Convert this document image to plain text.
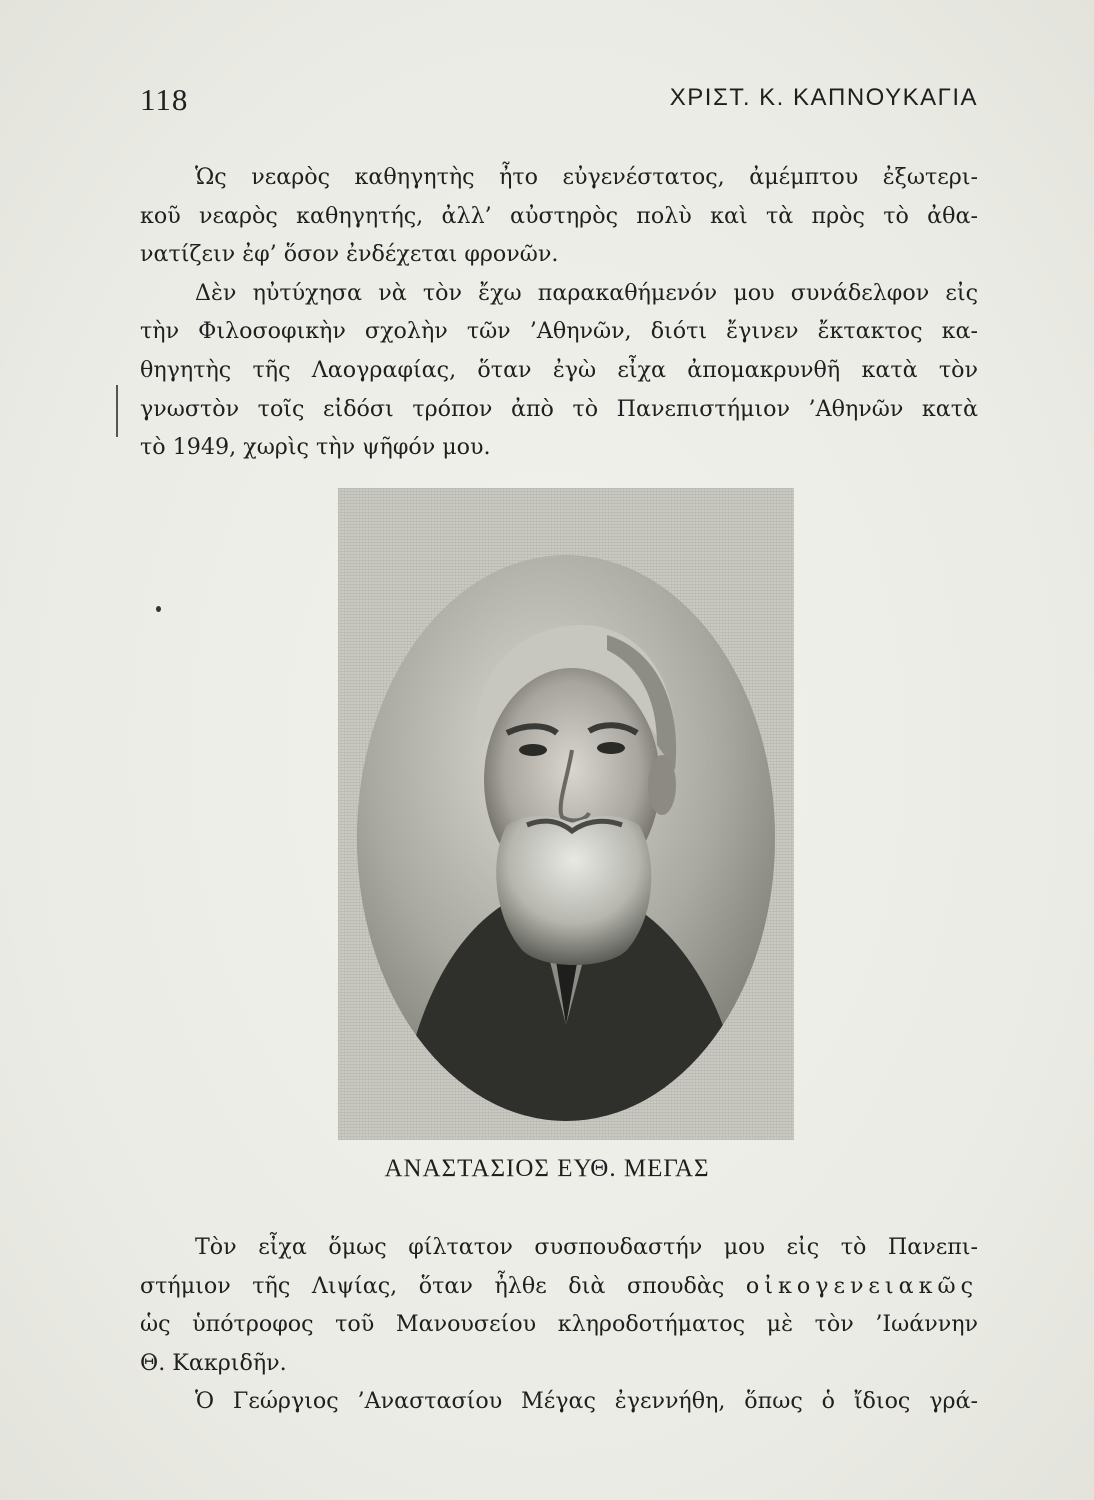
118	ΧΡΙΣΤ. Κ. ΚΑΠΝΟΥΚΑΓΙΑ

Ὡς νεαρὸς καθηγητὴς ἦτο εὐγενέστατος, ἀμέμπτου ἐξωτερι-
κοῦ νεαρὸς καθηγητής, ἀλλ’ αὐστηρὸς πολὺ καὶ τὰ πρὸς τὸ ἀθα-
νατίζειν ἐφ’ ὅσον ἐνδέχεται φρονῶν.

Δὲν ηὐτύχησα νὰ τὸν ἔχω παρακαθήμενόν μου συνάδελφον εἰς
τὴν Φιλοσοφικὴν σχολὴν τῶν ’Αθηνῶν, διότι ἔγινεν ἔκτακτος κα-
θηγητὴς τῆς Λαογραφίας, ὅταν ἐγὼ εἶχα ἀπομακρυνθῆ κατὰ τὸν
γνωστὸν τοῖς εἰδόσι τρόπον ἀπὸ τὸ Πανεπιστήμιον ’Αθηνῶν κατὰ
τὸ 1949, χωρὶς τὴν ψῆφόν μου.

ΑΝΑΣΤΑΣΙΟΣ ΕΥΘ. ΜΕΓΑΣ

Τὸν εἶχα ὅμως φίλτατον συσπουδαστήν μου εἰς τὸ Πανεπι-
στήμιον τῆς Λιψίας, ὅταν ἦλθε διὰ σπουδὰς οἰκογενειακῶς
ὡς ὑπότροφος τοῦ Μανουσείου κληροδοτήματος μὲ τὸν ’Ιωάννην
Θ. Κακριδῆν.

Ὁ Γεώργιος ’Αναστασίου Μέγας ἐγεννήθη, ὅπως ὁ ἴδιος γρά-
